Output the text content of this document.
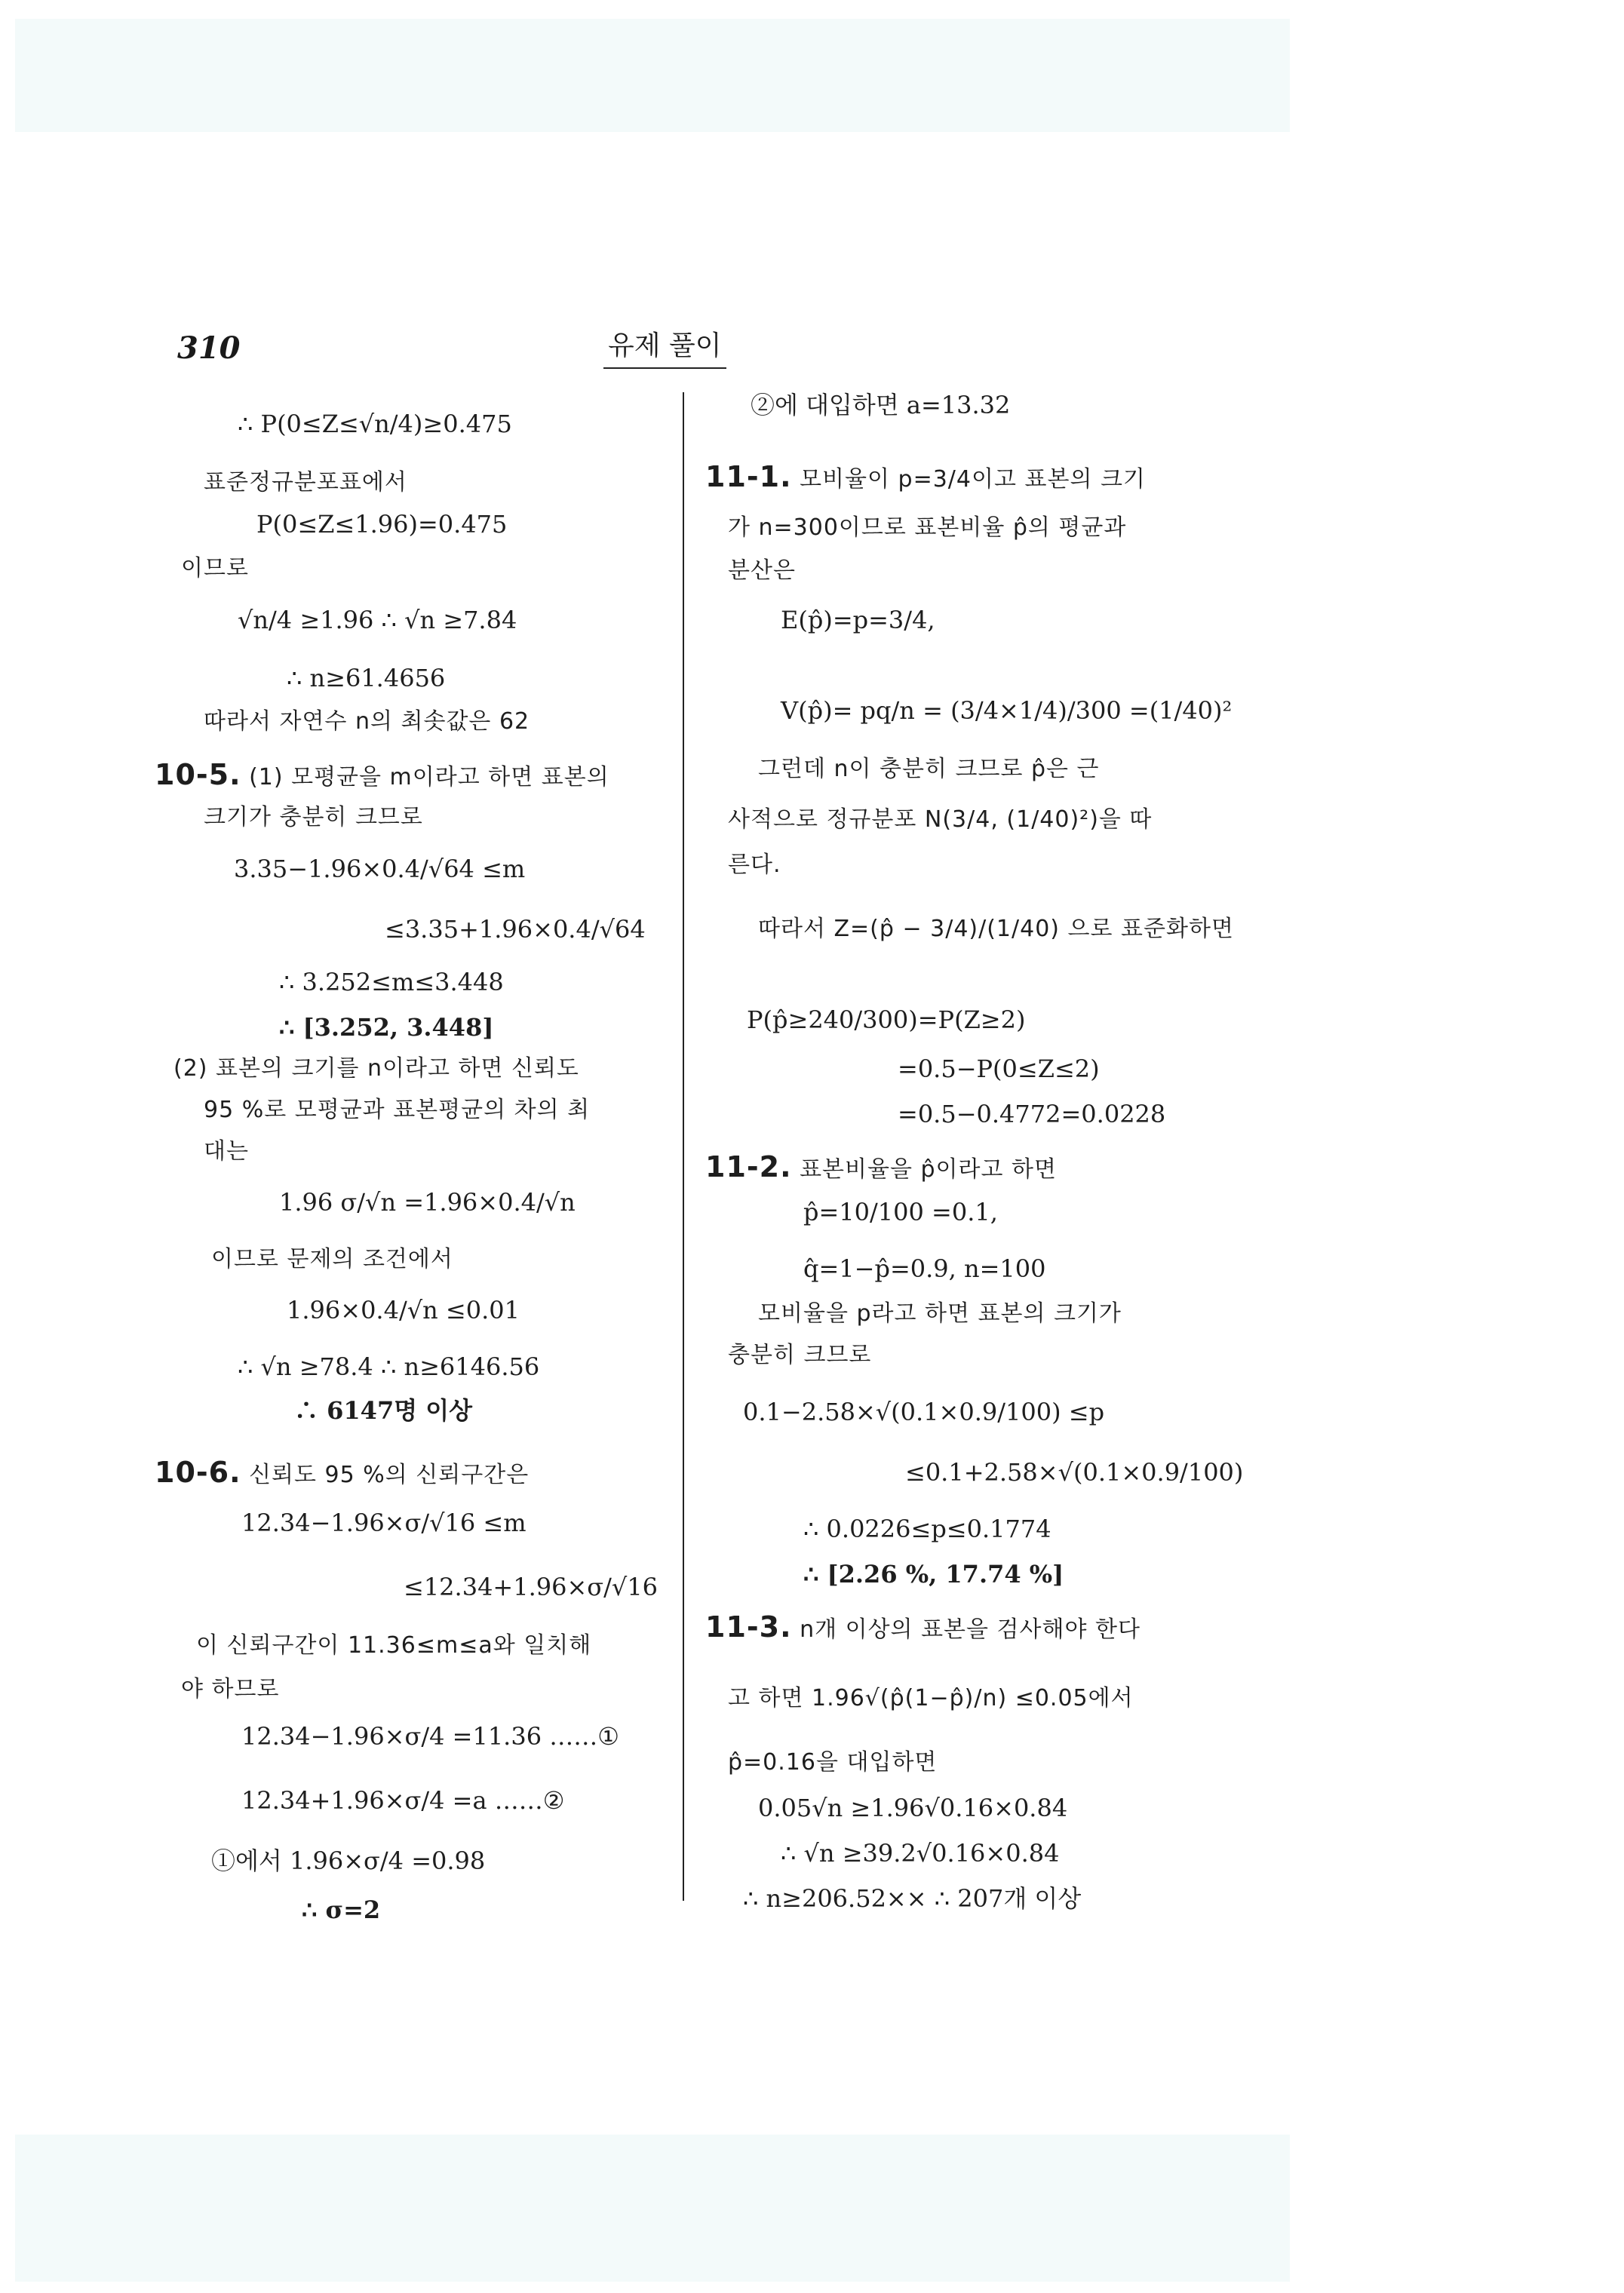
310	유제 풀이
∴ P(0≤Z≤√n/4)≥0.475
표준정규분포표에서
P(0≤Z≤1.96)=0.475
이므로
√n/4 ≥1.96 ∴ √n ≥7.84
∴ n≥61.4656
따라서 자연수 n의 최솟값은 62
10-5. (1) 모평균을 m이라고 하면 표본의
크기가 충분히 크므로
3.35−1.96×0.4/√64 ≤m
≤3.35+1.96×0.4/√64
∴ 3.252≤m≤3.448
∴ [3.252, 3.448]
(2) 표본의 크기를 n이라고 하면 신뢰도
95 %로 모평균과 표본평균의 차의 최
대는
1.96 σ/√n =1.96×0.4/√n
이므로 문제의 조건에서
1.96×0.4/√n ≤0.01
∴ √n ≥78.4 ∴ n≥6146.56
∴ 6147명 이상
10-6. 신뢰도 95 %의 신뢰구간은
12.34−1.96×σ/√16 ≤m
≤12.34+1.96×σ/√16
이 신뢰구간이 11.36≤m≤a와 일치해
야 하므로
12.34−1.96×σ/4 =11.36 ……①
12.34+1.96×σ/4 =a ……②
①에서 1.96×σ/4 =0.98
∴ σ=2
②에 대입하면 a=13.32
11-1. 모비율이 p=3/4이고 표본의 크기
가 n=300이므로 표본비율 p̂의 평균과
분산은
E(p̂)=p=3/4,
V(p̂)= pq/n = (3/4×1/4)/300 =(1/40)²
그런데 n이 충분히 크므로 p̂은 근
사적으로 정규분포 N(3/4, (1/40)²)을 따
른다.
따라서 Z=(p̂ − 3/4)/(1/40) 으로 표준화하면
P(p̂≥240/300)=P(Z≥2)
=0.5−P(0≤Z≤2)
=0.5−0.4772=0.0228
11-2. 표본비율을 p̂이라고 하면
p̂=10/100 =0.1,
q̂=1−p̂=0.9, n=100
모비율을 p라고 하면 표본의 크기가
충분히 크므로
0.1−2.58×√(0.1×0.9/100) ≤p
≤0.1+2.58×√(0.1×0.9/100)
∴ 0.0226≤p≤0.1774
∴ [2.26 %, 17.74 %]
11-3. n개 이상의 표본을 검사해야 한다
고 하면 1.96√(p̂(1−p̂)/n) ≤0.05에서
p̂=0.16을 대입하면
0.05√n ≥1.96√0.16×0.84
∴ √n ≥39.2√0.16×0.84
∴ n≥206.52×× ∴ 207개 이상
